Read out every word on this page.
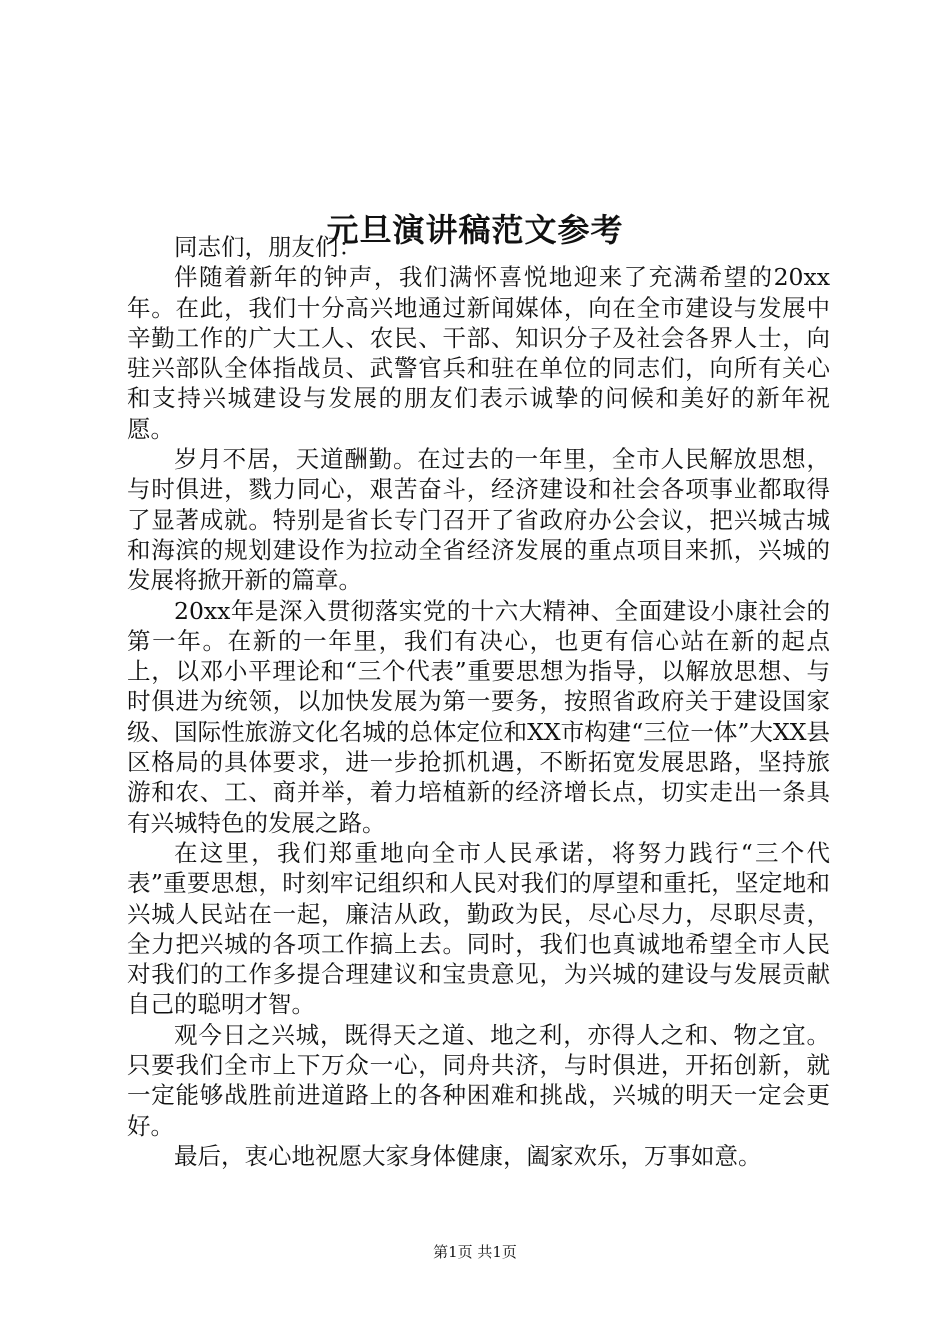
元旦演讲稿范文参考

同志们，朋友们：

伴随着新年的钟声，我们满怀喜悦地迎来了充满希望的20xx年。在此，我们十分高兴地通过新闻媒体，向在全市建设与发展中辛勤工作的广大工人、农民、干部、知识分子及社会各界人士，向驻兴部队全体指战员、武警官兵和驻在单位的同志们，向所有关心和支持兴城建设与发展的朋友们表示诚挚的问候和美好的新年祝愿。

岁月不居，天道酬勤。在过去的一年里，全市人民解放思想，与时俱进，戮力同心，艰苦奋斗，经济建设和社会各项事业都取得了显著成就。特别是省长专门召开了省政府办公会议，把兴城古城和海滨的规划建设作为拉动全省经济发展的重点项目来抓，兴城的发展将掀开新的篇章。

20xx年是深入贯彻落实党的十六大精神、全面建设小康社会的第一年。在新的一年里，我们有决心，也更有信心站在新的起点上，以邓小平理论和“三个代表”重要思想为指导，以解放思想、与时俱进为统领，以加快发展为第一要务，按照省政府关于建设国家级、国际性旅游文化名城的总体定位和XX市构建“三位一体”大XX县区格局的具体要求，进一步抢抓机遇，不断拓宽发展思路，坚持旅游和农、工、商并举，着力培植新的经济增长点，切实走出一条具有兴城特色的发展之路。

在这里，我们郑重地向全市人民承诺，将努力践行“三个代表”重要思想，时刻牢记组织和人民对我们的厚望和重托，坚定地和兴城人民站在一起，廉洁从政，勤政为民，尽心尽力，尽职尽责，全力把兴城的各项工作搞上去。同时，我们也真诚地希望全市人民对我们的工作多提合理建议和宝贵意见，为兴城的建设与发展贡献自己的聪明才智。

观今日之兴城，既得天之道、地之利，亦得人之和、物之宜。只要我们全市上下万众一心，同舟共济，与时俱进，开拓创新，就一定能够战胜前进道路上的各种困难和挑战，兴城的明天一定会更好。

最后，衷心地祝愿大家身体健康，阖家欢乐，万事如意。

第1页 共1页
